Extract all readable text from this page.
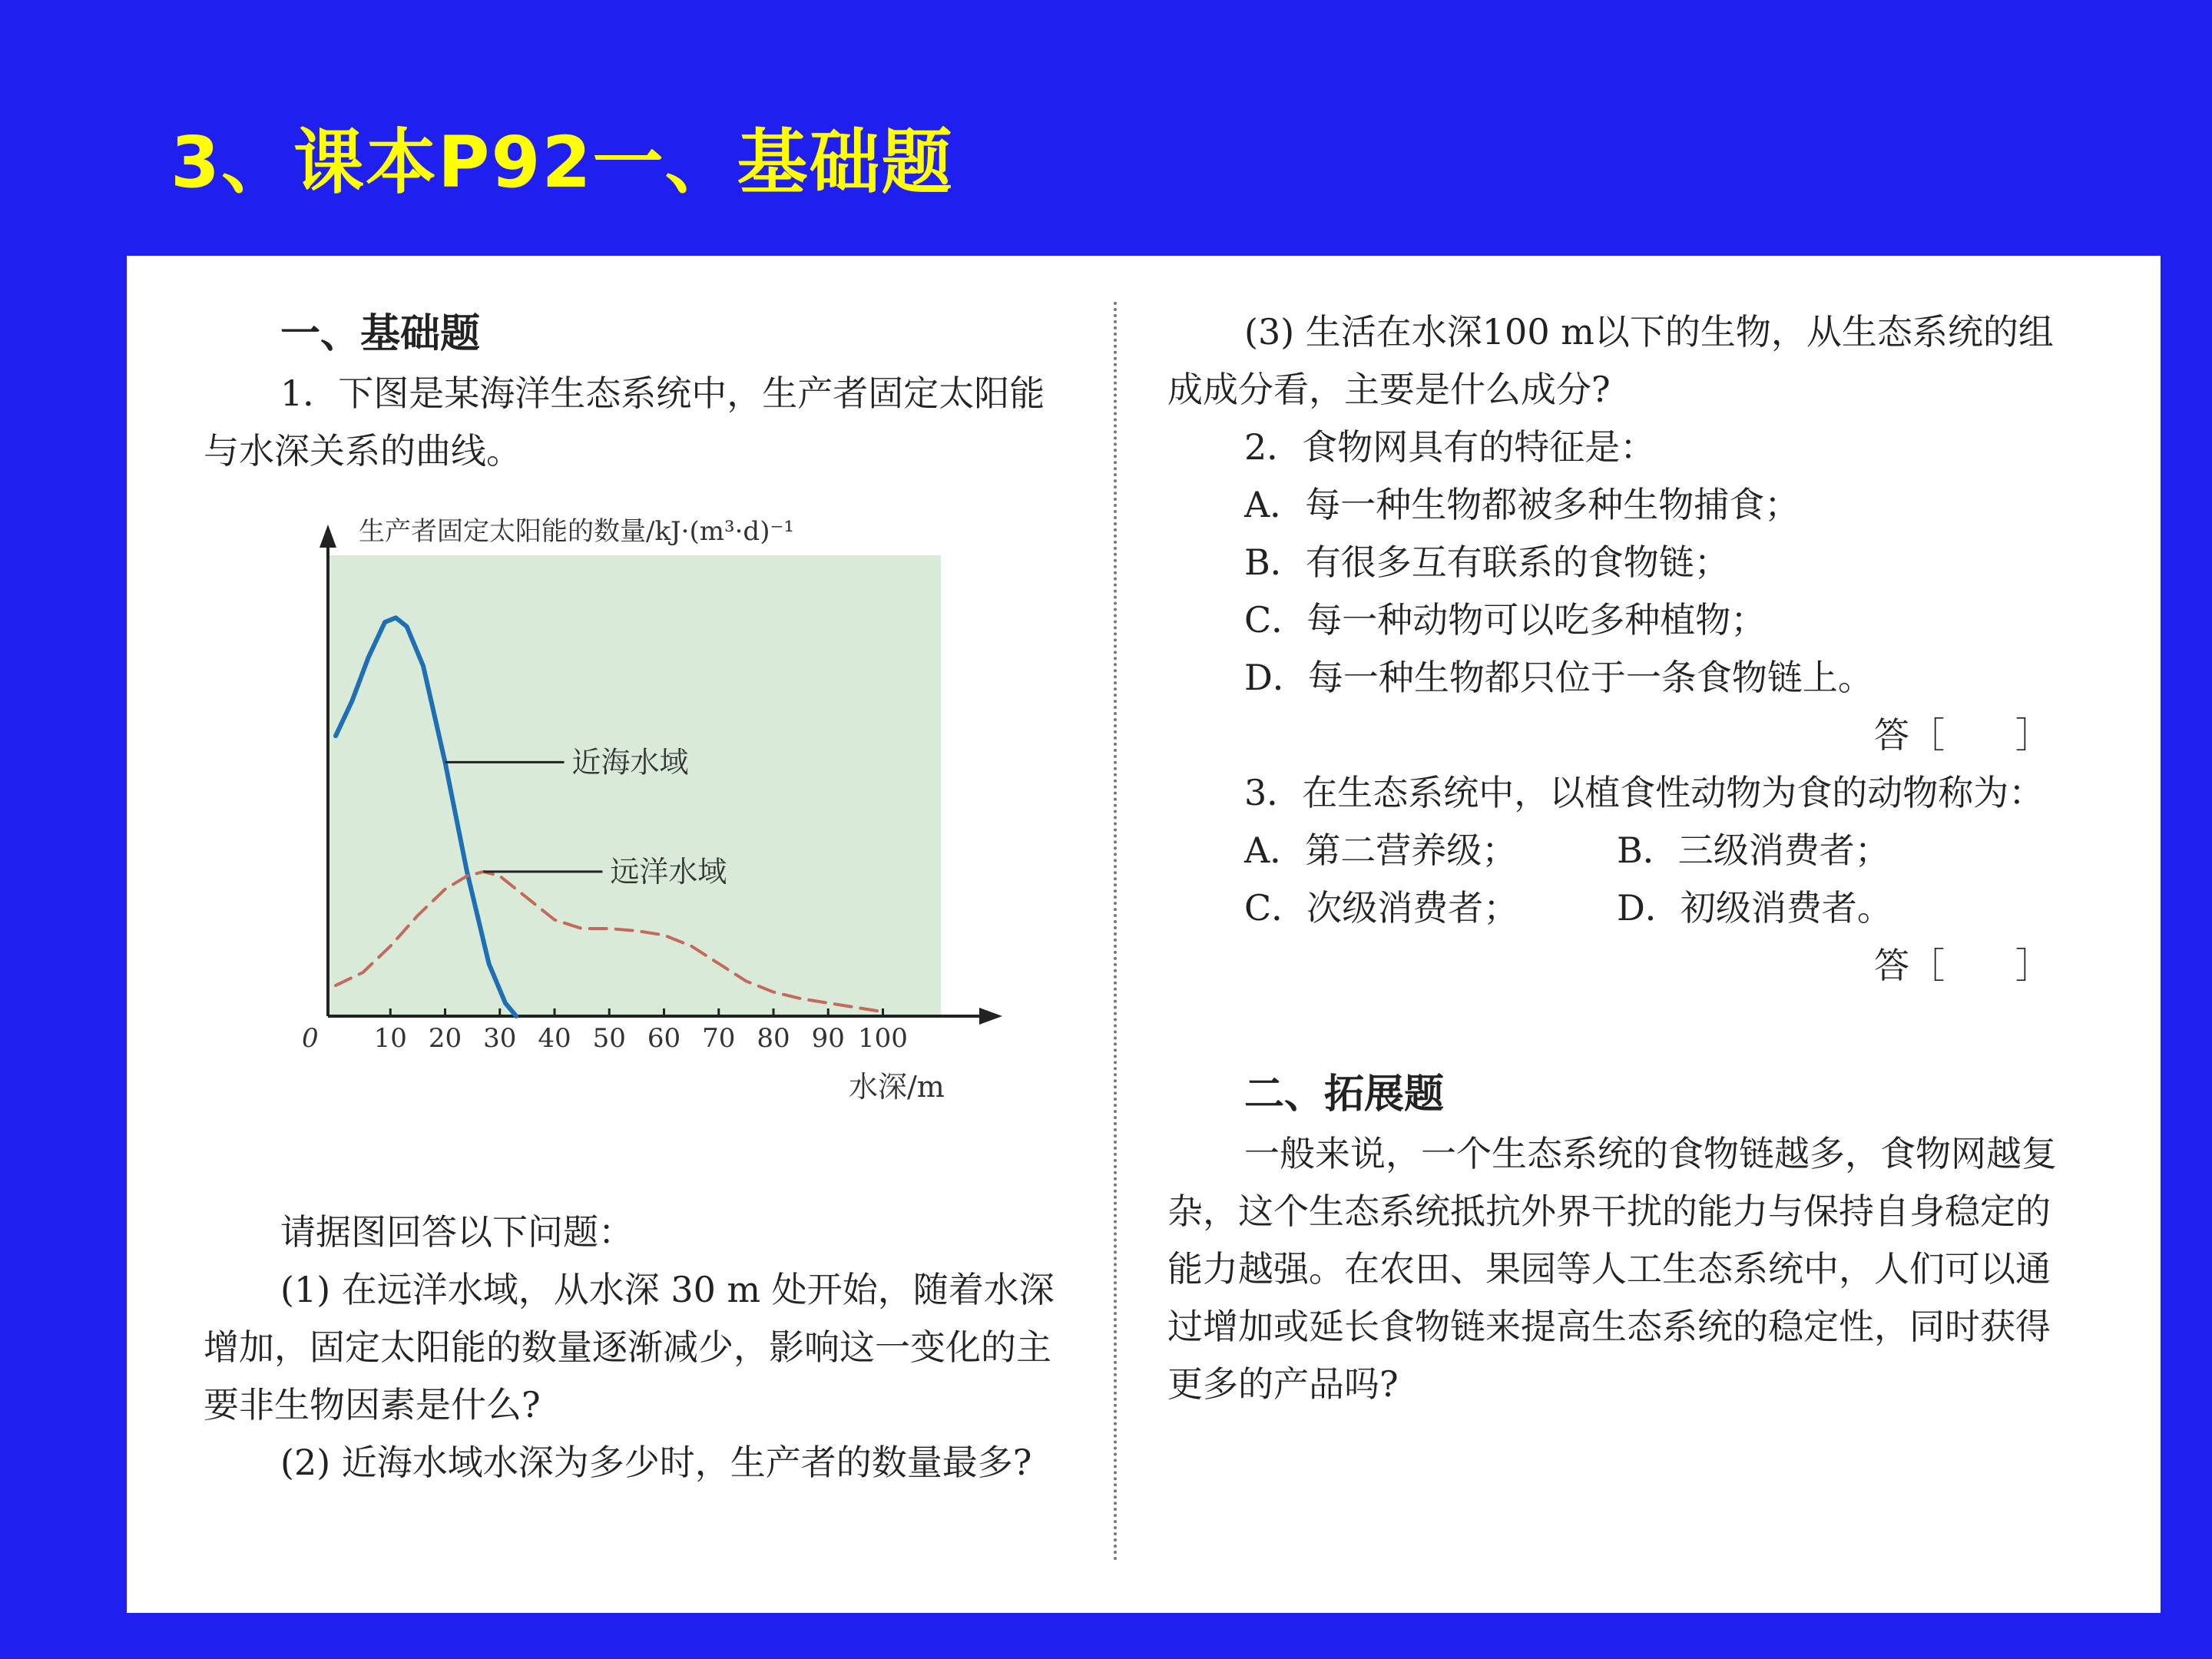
3、课本P92一、基础题

一、基础题

1．下图是某海洋生态系统中，生产者固定太阳能与水深关系的曲线。

生产者固定太阳能的数量/kJ·(m³·d)⁻¹
水深/m
0 10 20 30 40 50 60 70 80 90 100
近海水域
远洋水域

请据图回答以下问题：

(1) 在远洋水域，从水深 30 m 处开始，随着水深增加，固定太阳能的数量逐渐减少，影响这一变化的主要非生物因素是什么?

(2) 近海水域水深为多少时，生产者的数量最多?

(3) 生活在水深100 m以下的生物，从生态系统的组成成分看，主要是什么成分?

2．食物网具有的特征是：

A．每一种生物都被多种生物捕食；

B．有很多互有联系的食物链；

C．每一种动物可以吃多种植物；

D．每一种生物都只位于一条食物链上。

答［　　］

3．在生态系统中，以植食性动物为食的动物称为：

A．第二营养级；	B．三级消费者；
C．次级消费者；	D．初级消费者。

答［　　］

二、拓展题

一般来说，一个生态系统的食物链越多，食物网越复杂，这个生态系统抵抗外界干扰的能力与保持自身稳定的能力越强。在农田、果园等人工生态系统中，人们可以通过增加或延长食物链来提高生态系统的稳定性，同时获得更多的产品吗?
